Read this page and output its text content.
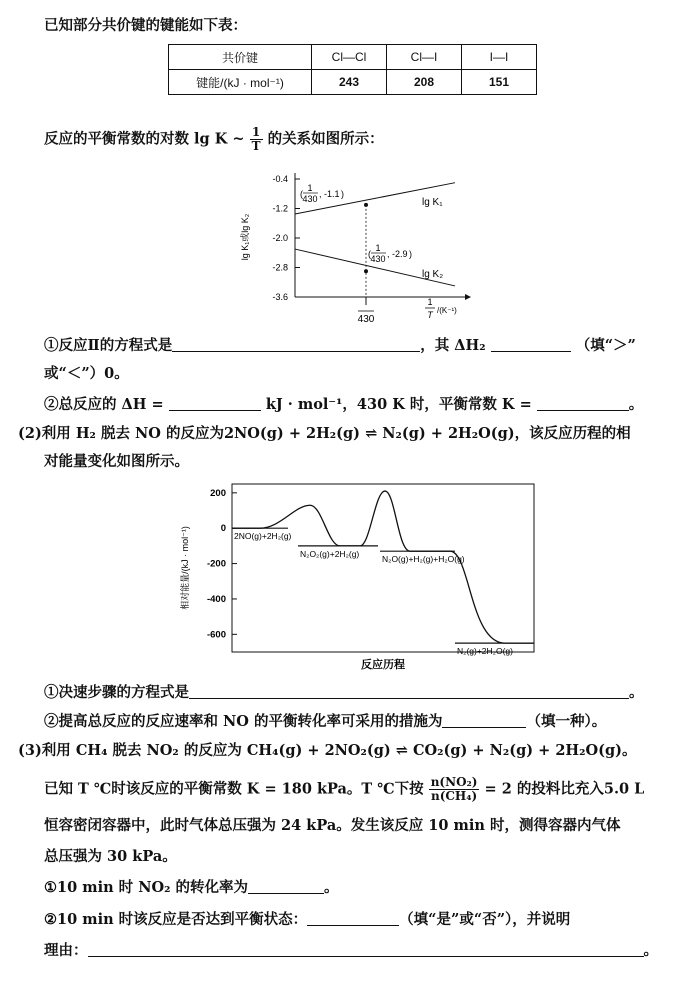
已知部分共价键的键能如下表：
共价键	Cl—Cl	Cl—I	I—I
键能/(kJ · mol⁻¹)	243	208	151
反应的平衡常数的对数 lg K ~ $\frac{1}{T}$ 的关系如图所示：
-0.4
-1.2
-2.0
-2.8
-3.6
lg K₁或lg K₂
430
1
T /(K⁻¹)
(
1
430 , -1.1 )
(
1
430 , -2.9 )
lg K₁
lg K₂
①反应Ⅱ的方程式是	，其 ΔH₂	（填“＞”
或“＜”）0。
②总反应的 ΔH =	kJ · mol⁻¹，430 K 时，平衡常数 K =	。
(2)利用 H₂ 脱去 NO 的反应为2NO(g) + 2H₂(g) ⇌ N₂(g) + 2H₂O(g)，该反应历程的相
对能量变化如图所示。
200
0
-200
-400
-600
相对能量/(kJ · mol⁻¹)	2NO(g)+2H₂(g)
N₂O₂(g)+2H₂(g)
N₂O(g)+H₂(g)+H₂O(g)
N₂(g)+2H₂O(g)
反应历程
①决速步骤的方程式是	。
②提高总反应的反应速率和 NO 的平衡转化率可采用的措施为	（填一种）。
(3)利用 CH₄ 脱去 NO₂ 的反应为 CH₄(g) + 2NO₂(g) ⇌ CO₂(g) + N₂(g) + 2H₂O(g)。
已知 T ℃时该反应的平衡常数 K = 180 kPa。T ℃下按 $\frac{\text{n(NO₂)}}{\text{n(CH₄)}} = 2$ 的投料比充入5.0 L
恒容密闭容器中，此时气体总压强为 24 kPa。发生该反应 10 min 时，测得容器内气体
总压强为 30 kPa。
①10 min 时 NO₂ 的转化率为	。
②10 min 时该反应是否达到平衡状态：	（填“是”或“否”），并说明
理由：	。
